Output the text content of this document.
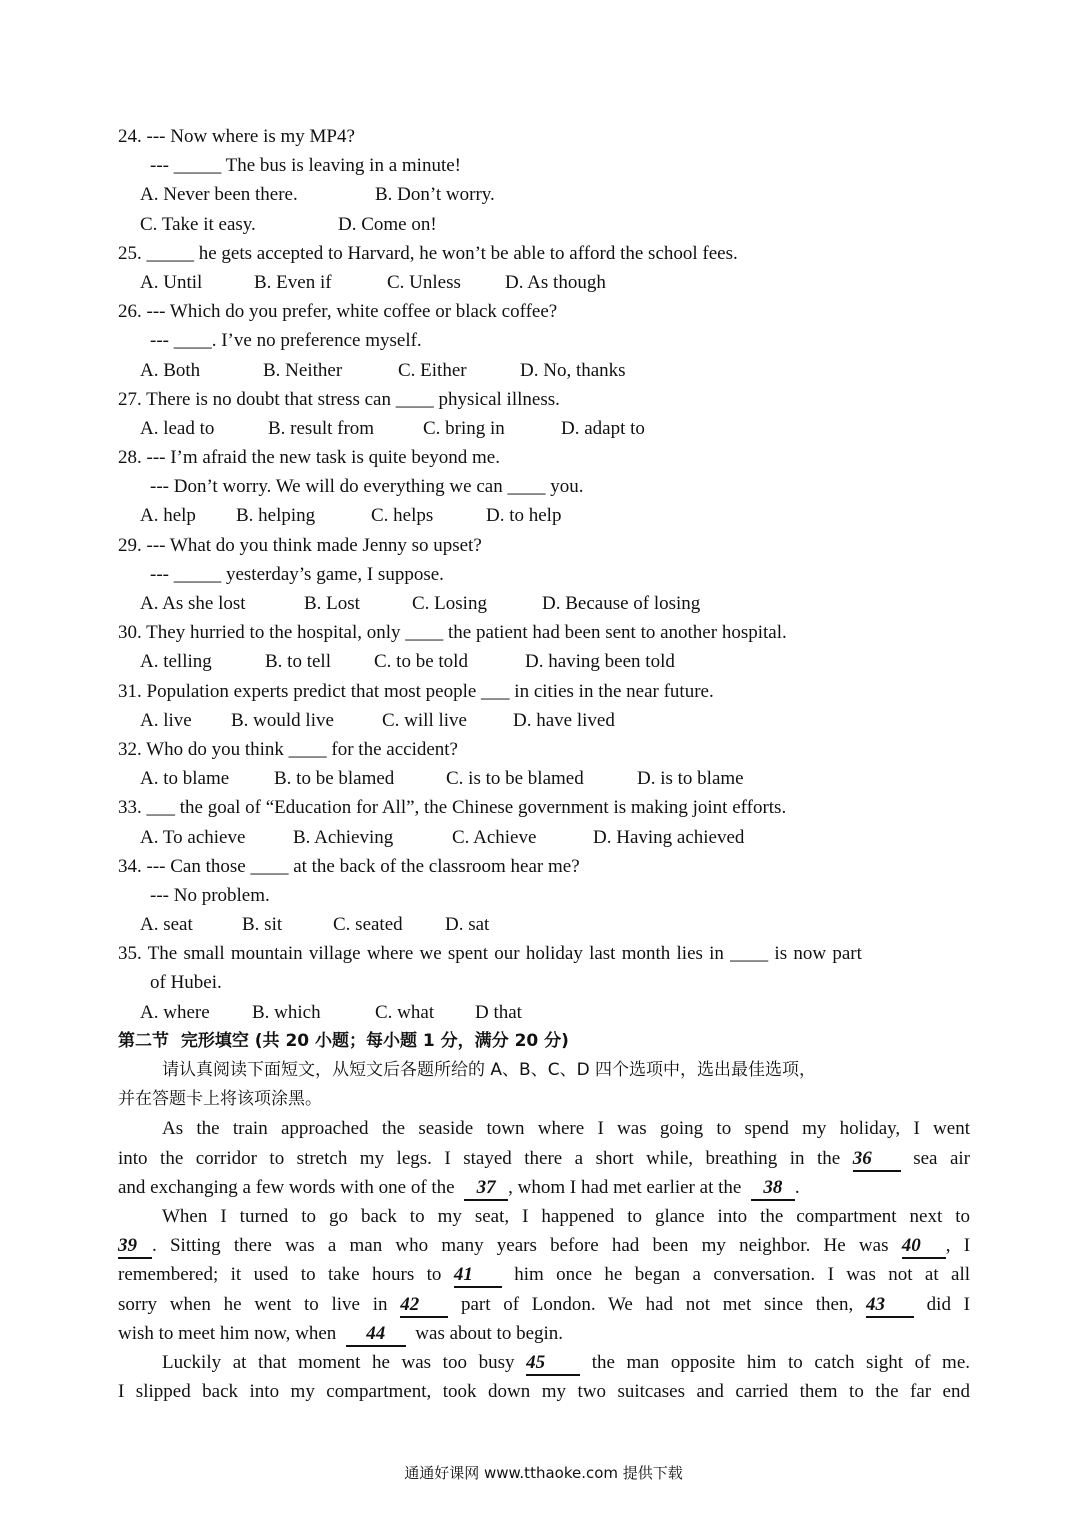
24. --- Now where is my MP4?
--- _____ The bus is leaving in a minute!
A. Never been there.	B. Don’t worry.
C. Take it easy.	D. Come on!
25. _____ he gets accepted to Harvard, he won’t be able to afford the school fees.
A. Until	B. Even if	C. Unless D. As though
26. --- Which do you prefer, white coffee or black coffee?
--- ____. I’ve no preference myself.
A. Both	B. Neither	C. Either	D. No, thanks
27. There is no doubt that stress can ____ physical illness.
A. lead to	B. result from	C. bring in	D. adapt to
28. --- I’m afraid the new task is quite beyond me.
--- Don’t worry. We will do everything we can ____ you.
A. help B. helping	C. helps	D. to help
29. --- What do you think made Jenny so upset?
--- _____ yesterday’s game, I suppose.
A. As she lost	B. Lost	C. Losing	D. Because of losing
30. They hurried to the hospital, only ____ the patient had been sent to another hospital.
A. telling	B. to tell C. to be told	D. having been told
31. Population experts predict that most people ___ in cities in the near future.
A. live B. would live	C. will live D. have lived
32. Who do you think ____ for the accident?
A. to blame B. to be blamed	C. is to be blamed	D. is to blame
33. ___ the goal of “Education for All”, the Chinese government is making joint efforts.
A. To achieve	B. Achieving	C. Achieve	D. Having achieved
34. --- Can those ____ at the back of the classroom hear me?
--- No problem.
A. seat	B. sit	C. seated D. sat
35. The small mountain village where we spent our holiday last month lies in ____ is now part
of Hubei.
A. where B. which	C. what D that
第二节  完形填空 (共 20 小题；每小题 1 分，满分 20 分)
请认真阅读下面短文，从短文后各题所给的 A、B、C、D 四个选项中，选出最佳选项，
并在答题卡上将该项涂黑。
As the train approached the seaside town where I was going to spend my holiday, I went
into the corridor to stretch my legs. I stayed there a short while, breathing in the 36 sea air
and exchanging a few words with one of the 37 , whom I had met earlier at the 38 .
When I turned to go back to my seat, I happened to glance into the compartment next to
39 . Sitting there was a man who many years before had been my neighbor. He was 40 , I
remembered; it used to take hours to 41 him once he began a conversation. I was not at all
sorry when he went to live in 42 part of London. We had not met since then, 43 did I
wish to meet him now, when 44 was about to begin.
Luckily at that moment he was too busy 45 the man opposite him to catch sight of me.
I slipped back into my compartment, took down my two suitcases and carried them to the far end
通通好课网 www.tthaoke.com 提供下载
